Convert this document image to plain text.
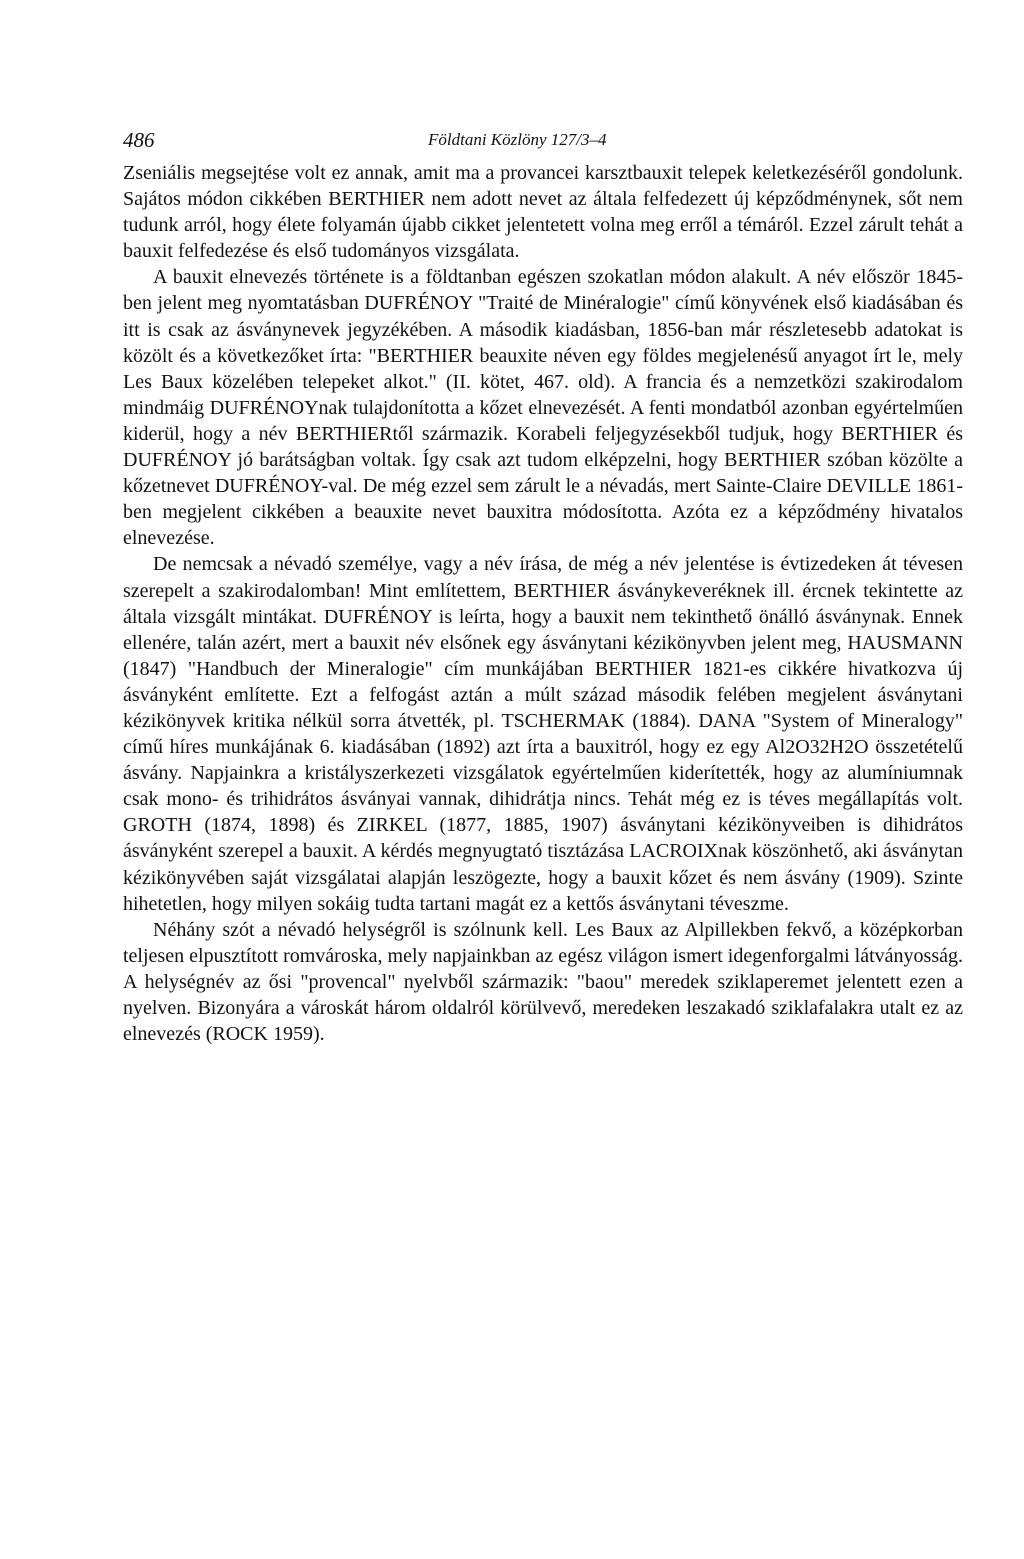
486	Földtani Közlöny 127/3–4

Zseniális megsejtése volt ez annak, amit ma a provancei karsztbauxit telepek keletkezéséről gondolunk. Sajátos módon cikkében BERTHIER nem adott nevet az általa felfedezett új képződménynek, sőt nem tudunk arról, hogy élete folyamán újabb cikket jelentetett volna meg erről a témáról. Ezzel zárult tehát a bauxit felfedezése és első tudományos vizsgálata.

A bauxit elnevezés története is a földtanban egészen szokatlan módon alakult. A név először 1845-ben jelent meg nyomtatásban DUFRÉNOY "Traité de Minéralogie" című könyvének első kiadásában és itt is csak az ásványnevek jegyzékében. A második kiadásban, 1856-ban már részletesebb adatokat is közölt és a következőket írta: "BERTHIER beauxite néven egy földes megjelenésű anyagot írt le, mely Les Baux közelében telepeket alkot." (II. kötet, 467. old). A francia és a nemzetközi szakirodalom mindmáig DUFRÉNOYnak tulajdonította a kőzet elnevezését. A fenti mondatból azonban egyértelműen kiderül, hogy a név BERTHIERtől származik. Korabeli feljegyzésekből tudjuk, hogy BERTHIER és DUFRÉNOY jó barátságban voltak. Így csak azt tudom elképzelni, hogy BERTHIER szóban közölte a kőzetnevet DUFRÉNOY-val. De még ezzel sem zárult le a névadás, mert Sainte-Claire DEVILLE 1861-ben megjelent cikkében a beauxite nevet bauxitra módosította. Azóta ez a képződmény hivatalos elnevezése.

De nemcsak a névadó személye, vagy a név írása, de még a név jelentése is évtizedeken át tévesen szerepelt a szakirodalomban! Mint említettem, BERTHIER ásványkeveréknek ill. ércnek tekintette az általa vizsgált mintákat. DUFRÉNOY is leírta, hogy a bauxit nem tekinthető önálló ásványnak. Ennek ellenére, talán azért, mert a bauxit név elsőnek egy ásványtani kézikönyvben jelent meg, HAUSMANN (1847) "Handbuch der Mineralogie" cím munkájában BERTHIER 1821-es cikkére hivatkozva új ásványként említette. Ezt a felfogást aztán a múlt század második felében megjelent ásványtani kézikönyvek kritika nélkül sorra átvették, pl. TSCHERMAK (1884). DANA "System of Mineralogy" című híres munkájának 6. kiadásában (1892) azt írta a bauxitról, hogy ez egy Al2O32H2O összetételű ásvány. Napjainkra a kristályszerkezeti vizsgálatok egyértelműen kiderítették, hogy az alumíniumnak csak mono- és trihidrátos ásványai vannak, dihidrátja nincs. Tehát még ez is téves megállapítás volt. GROTH (1874, 1898) és ZIRKEL (1877, 1885, 1907) ásványtani kézikönyveiben is dihidrátos ásványként szerepel a bauxit. A kérdés megnyugtató tisztázása LACROIXnak köszönhető, aki ásványtan kézikönyvében saját vizsgálatai alapján leszögezte, hogy a bauxit kőzet és nem ásvány (1909). Szinte hihetetlen, hogy milyen sokáig tudta tartani magát ez a kettős ásványtani téveszme.

Néhány szót a névadó helységről is szólnunk kell. Les Baux az Alpillekben fekvő, a középkorban teljesen elpusztított romvároska, mely napjainkban az egész világon ismert idegenforgalmi látványosság. A helységnév az ősi "provencal" nyelvből származik: "baou" meredek sziklaperemet jelentett ezen a nyelven. Bizonyára a városkát három oldalról körülvevő, meredeken leszakadó sziklafalakra utalt ez az elnevezés (ROCK 1959).
